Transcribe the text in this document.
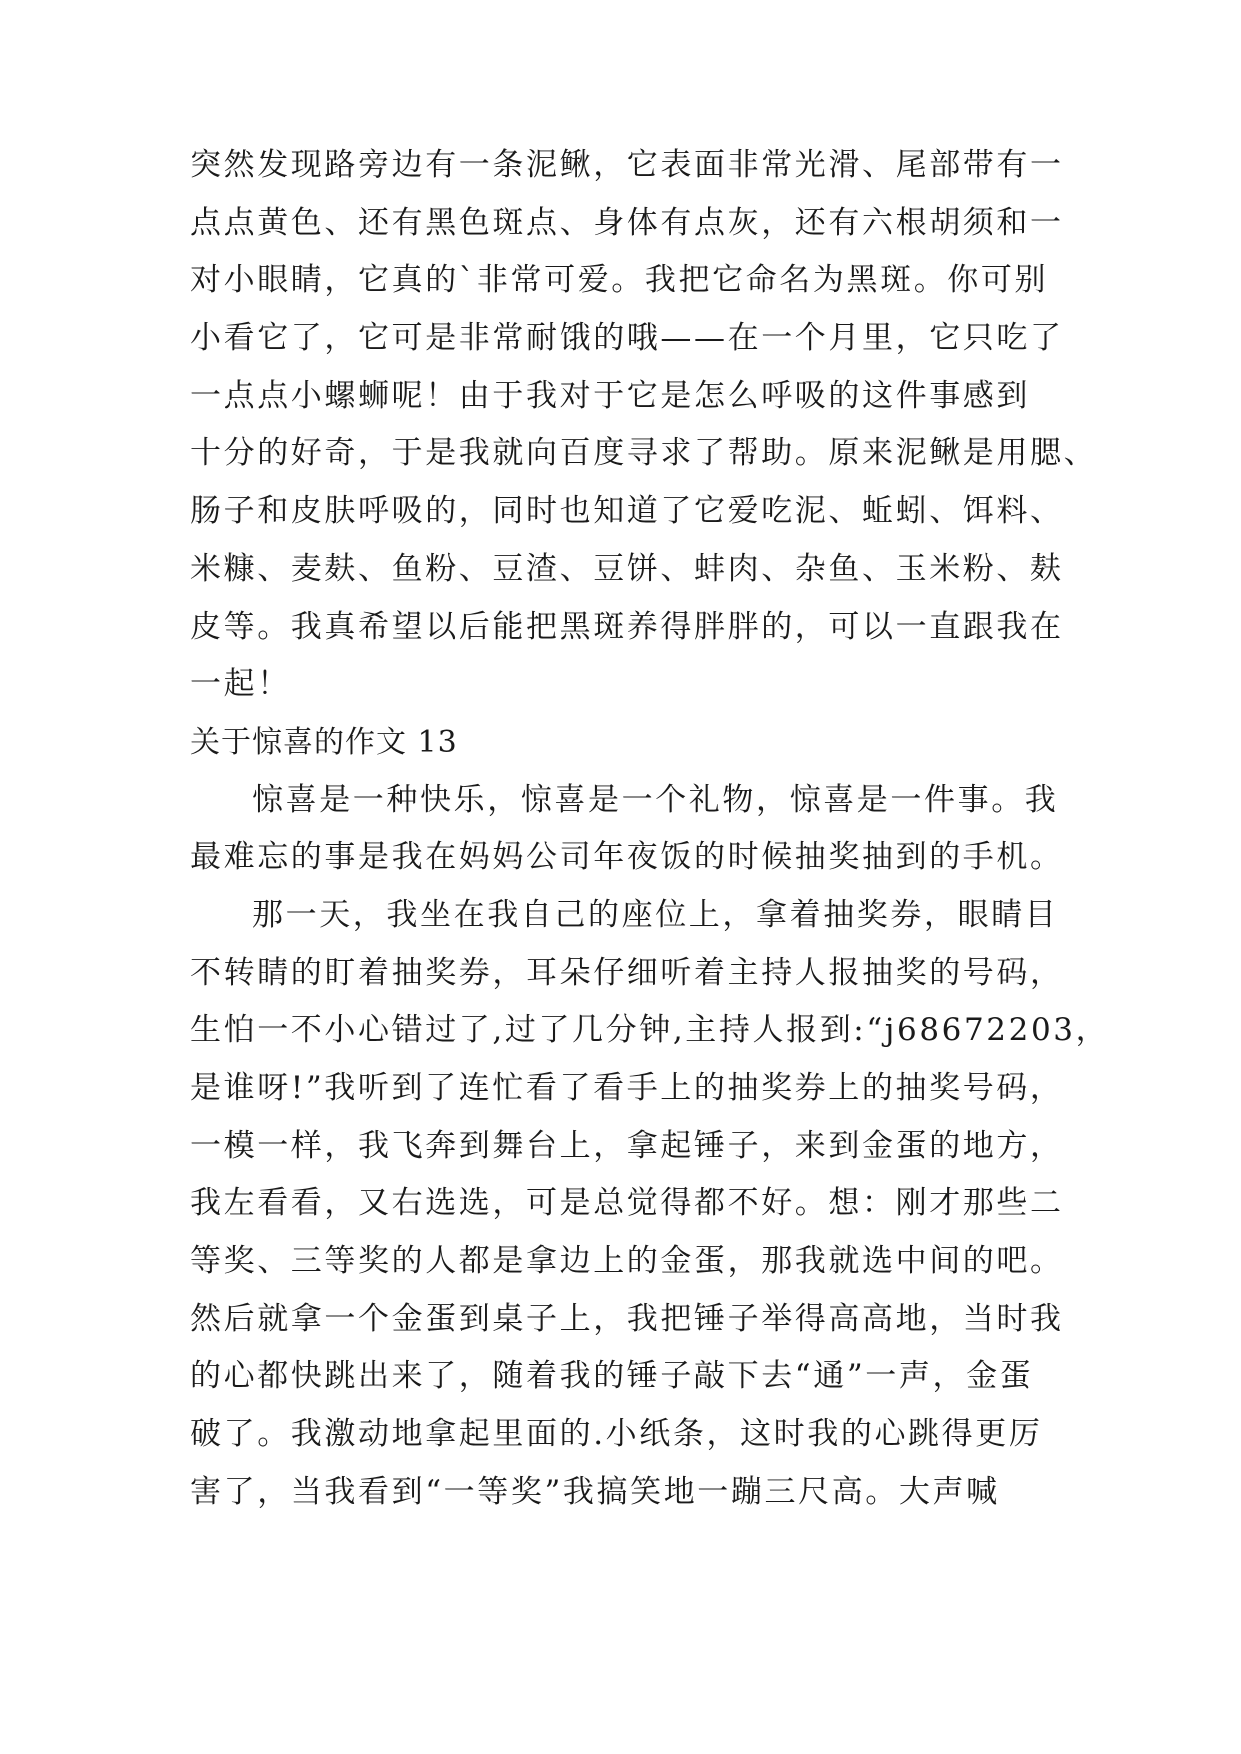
突然发现路旁边有一条泥鳅，它表面非常光滑、尾部带有一
点点黄色、还有黑色斑点、身体有点灰，还有六根胡须和一
对小眼睛，它真的`非常可爱。我把它命名为黑斑。你可别
小看它了，它可是非常耐饿的哦——在一个月里，它只吃了
一点点小螺蛳呢！由于我对于它是怎么呼吸的这件事感到
十分的好奇，于是我就向百度寻求了帮助。原来泥鳅是用腮、
肠子和皮肤呼吸的，同时也知道了它爱吃泥、蚯蚓、饵料、
米糠、麦麸、鱼粉、豆渣、豆饼、蚌肉、杂鱼、玉米粉、麸
皮等。我真希望以后能把黑斑养得胖胖的，可以一直跟我在
一起！
关于惊喜的作文 13
惊喜是一种快乐，惊喜是一个礼物，惊喜是一件事。我
最难忘的事是我在妈妈公司年夜饭的时候抽奖抽到的手机。
那一天，我坐在我自己的座位上，拿着抽奖券，眼睛目
不转睛的盯着抽奖券，耳朵仔细听着主持人报抽奖的号码，
生怕一不小心错过了,过了几分钟,主持人报到:“j68672203，
是谁呀!”我听到了连忙看了看手上的抽奖券上的抽奖号码，
一模一样，我飞奔到舞台上，拿起锤子，来到金蛋的地方，
我左看看，又右选选，可是总觉得都不好。想：刚才那些二
等奖、三等奖的人都是拿边上的金蛋，那我就选中间的吧。
然后就拿一个金蛋到桌子上，我把锤子举得高高地，当时我
的心都快跳出来了，随着我的锤子敲下去“通”一声，金蛋
破了。我激动地拿起里面的.小纸条，这时我的心跳得更厉
害了，当我看到“一等奖”我搞笑地一蹦三尺高。大声喊
